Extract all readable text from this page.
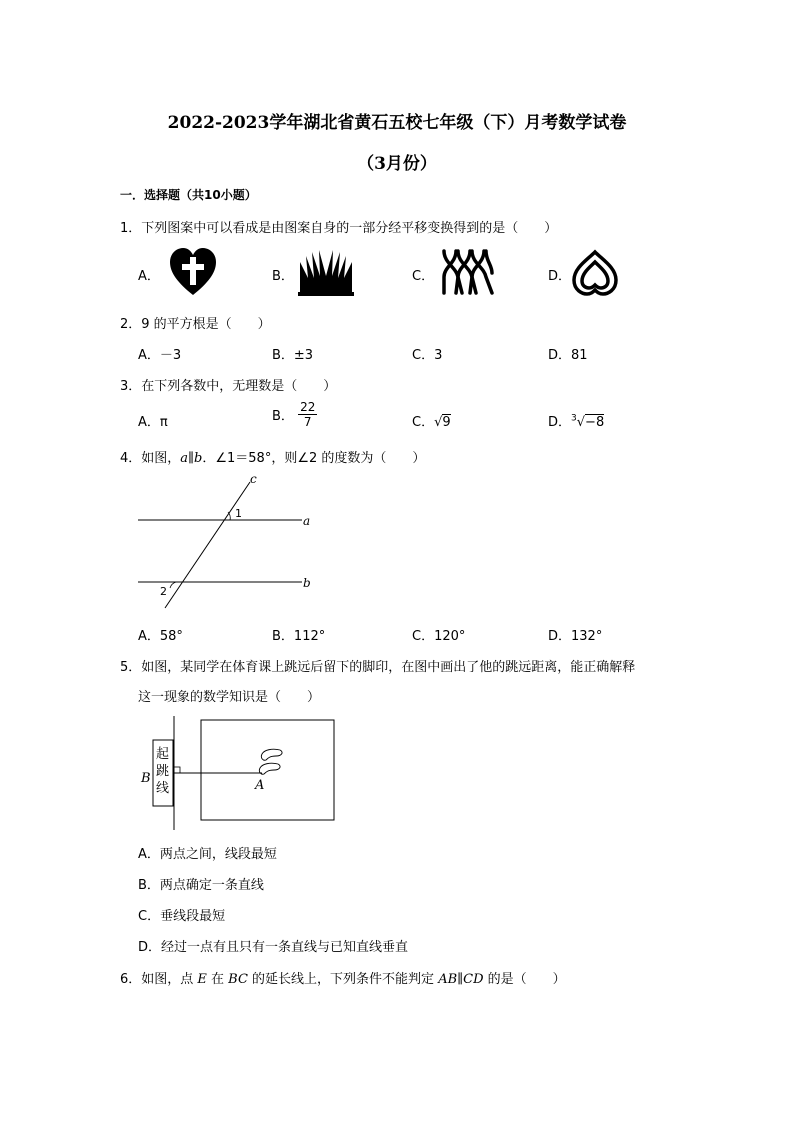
2022-2023学年湖北省黄石五校七年级（下）月考数学试卷
（3月份）
一．选择题（共10小题）
1．下列图案中可以看成是由图案自身的一部分经平移变换得到的是（　　）
A．	B．	C．	D．
2．9 的平方根是（　　）
A．－3	B．±3	C．3	D．81
3．在下列各数中，无理数是（　　）
A．π	B． $\frac{22}{7}$	C．√9	D．$^3$√−8
4．如图，a∥b．∠1＝58°，则∠2 的度数为（　　）
c
a
b
1
2
A．58°	B．112°	C．120°	D．132°
5．如图，某同学在体育课上跳远后留下的脚印，在图中画出了他的跳远距离，能正确解释
这一现象的数学知识是（　　）
起
跳
线
B	A
A．两点之间，线段最短
B．两点确定一条直线
C．垂线段最短
D．经过一点有且只有一条直线与已知直线垂直
6．如图，点 E 在 BC 的延长线上，下列条件不能判定 AB∥CD 的是（　　）
